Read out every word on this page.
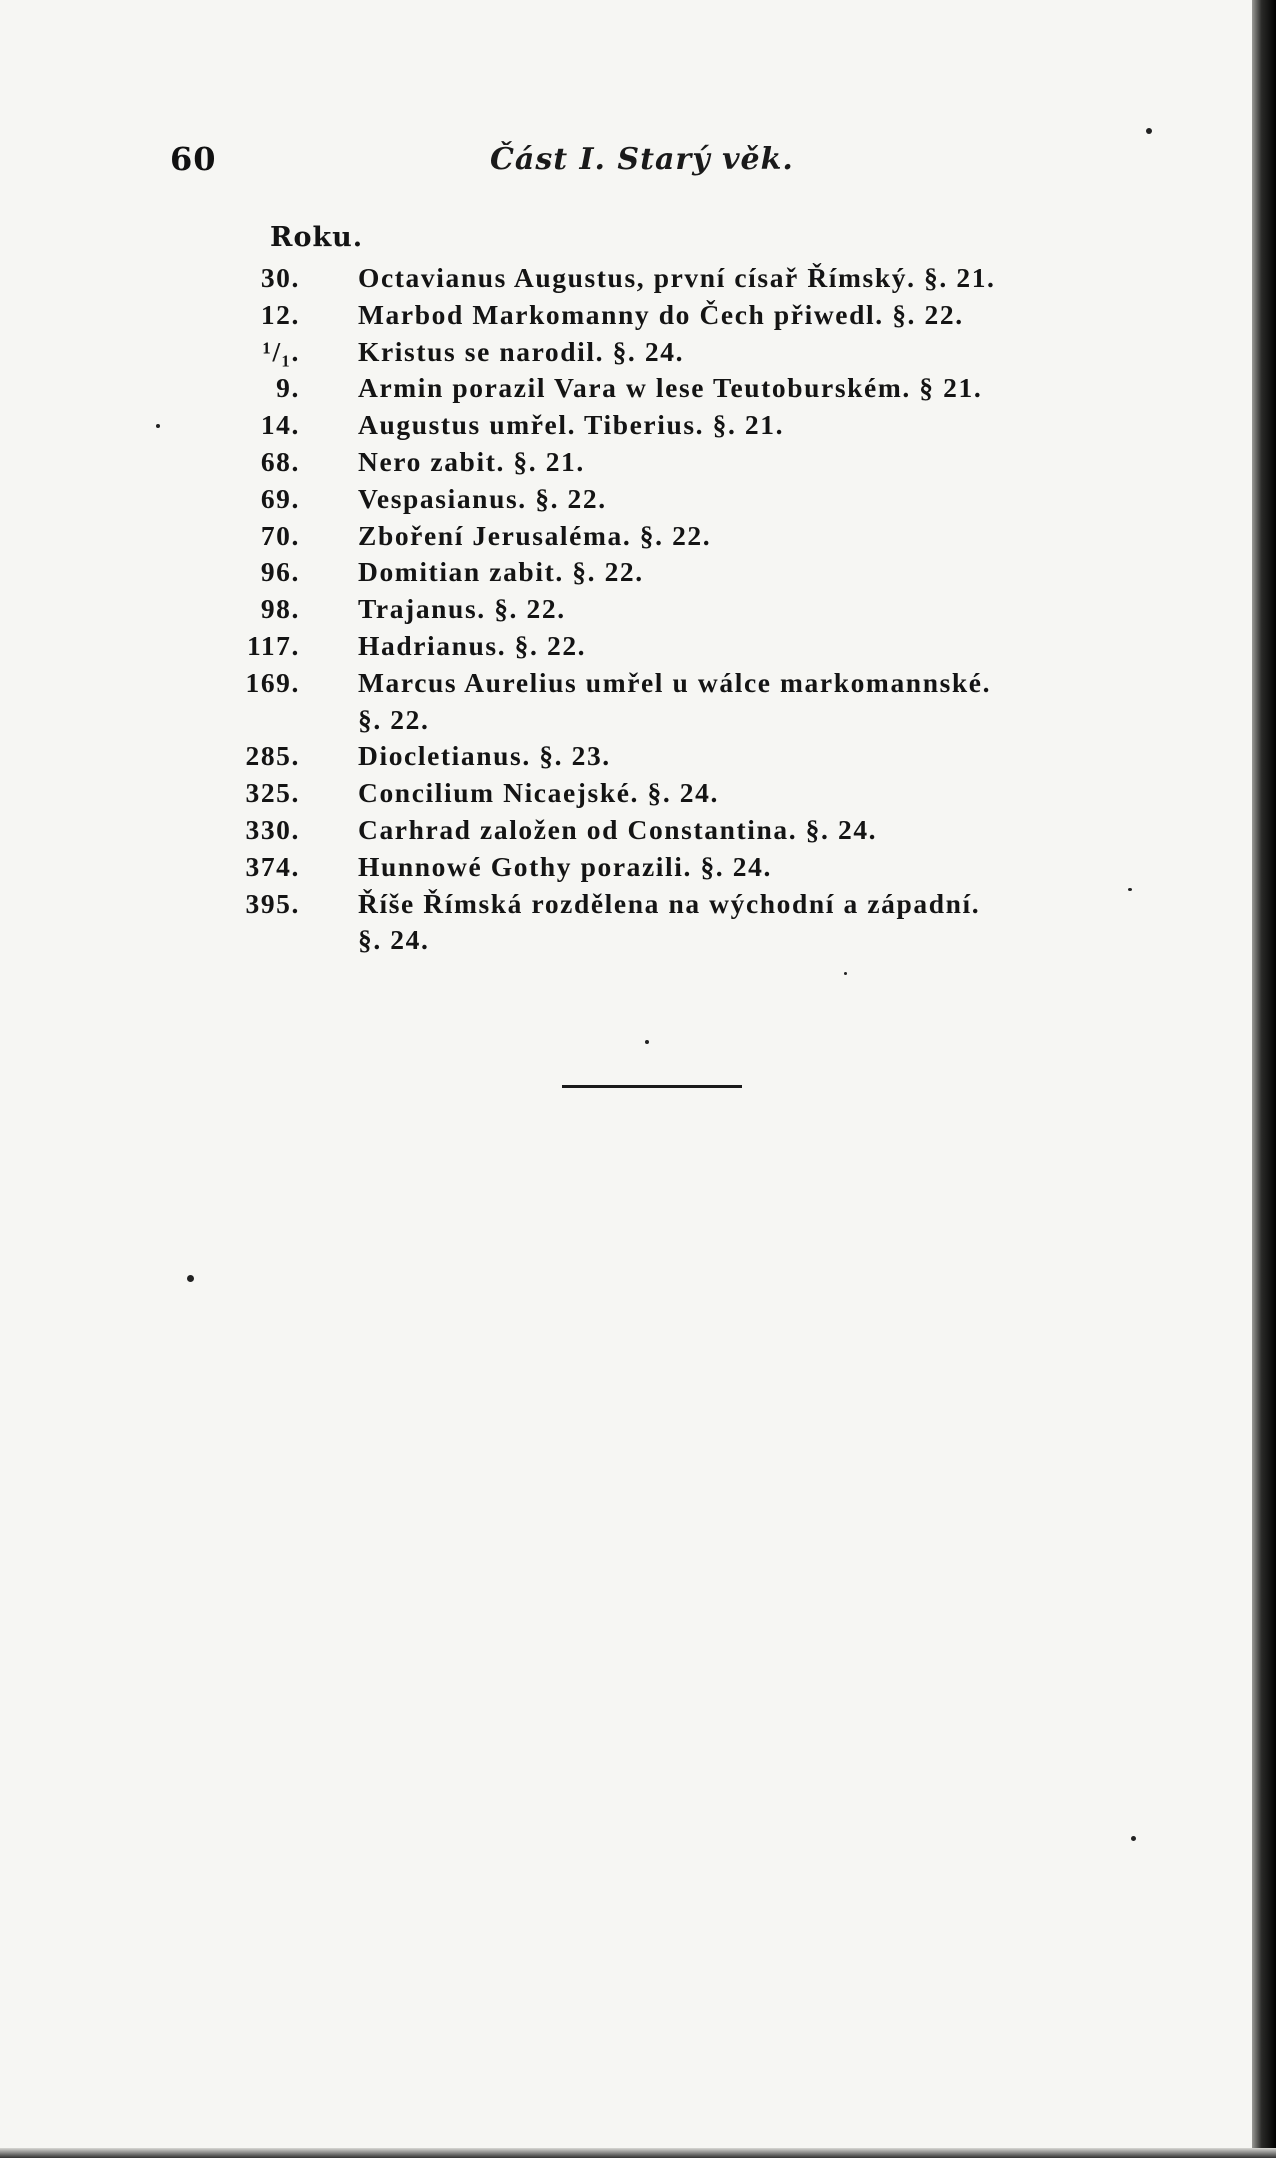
60	Část I. Starý věk.
Roku.
30. Octavianus Augustus, první císař Římský. §. 21.
12. Marbod Markomanny do Čech přiwedl. §. 22.
¹/₁. Kristus se narodil. §. 24.
9. Armin porazil Vara w lese Teutoburském. § 21.
14. Augustus umřel. Tiberius. §. 21.
68. Nero zabit. §. 21.
69. Vespasianus. §. 22.
70. Zboření Jerusaléma. §. 22.
96. Domitian zabit. §. 22.
98. Trajanus. §. 22.
117. Hadrianus. §. 22.
169. Marcus Aurelius umřel u wálce markomannské.
§. 22.
285. Diocletianus. §. 23.
325. Concilium Nicaejské. §. 24.
330. Carhrad založen od Constantina. §. 24.
374. Hunnowé Gothy porazili. §. 24.
395. Říše Římská rozdělena na wýchodní a západní.
§. 24.
